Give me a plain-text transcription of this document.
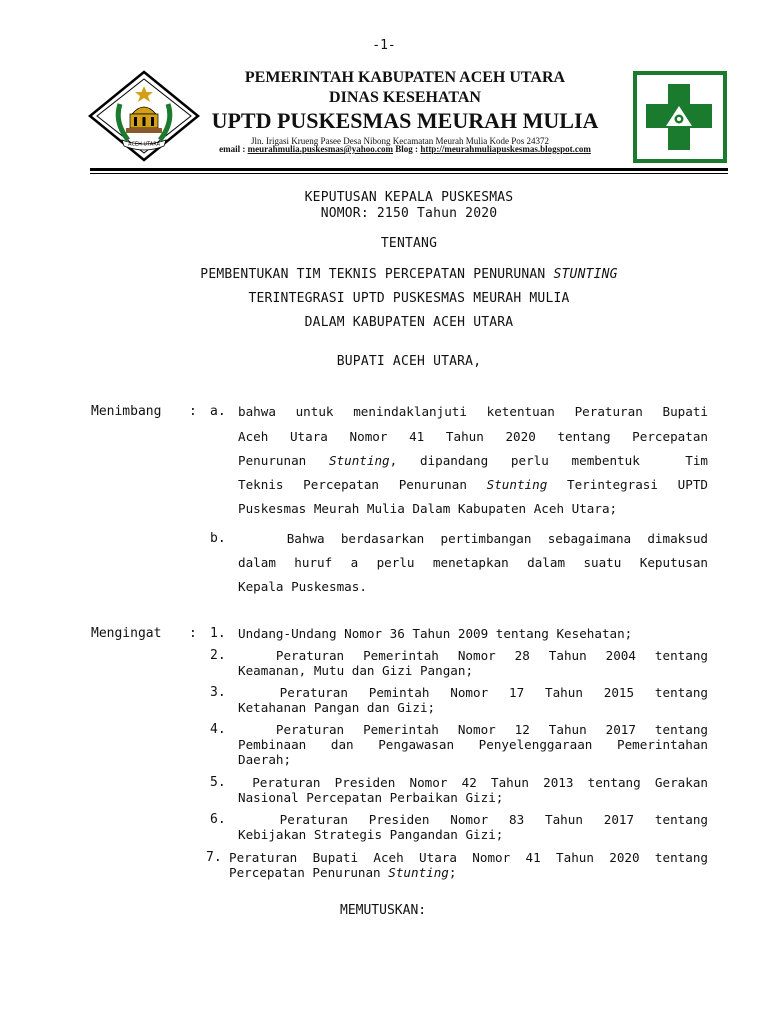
-1-
ACEH UTARA
PEMERINTAH KABUPATEN ACEH UTARA
DINAS KESEHATAN
UPTD PUSKESMAS MEURAH MULIA
Jln. Irigasi Krueng Pasee Desa Nibong Kecamatan Meurah Mulia Kode Pos 24372
email : meurahmulia.puskesmas@yahoo.com Blog : http://meurahmuliapuskesmas.blogspot.com
KEPUTUSAN KEPALA PUSKESMAS
NOMOR: 2150 Tahun 2020
TENTANG
PEMBENTUKAN TIM TEKNIS PERCEPATAN PENURUNAN STUNTING
TERINTEGRASI UPTD PUSKESMAS MEURAH MULIA
DALAM KABUPATEN ACEH UTARA
BUPATI ACEH UTARA,
Menimbang : a. bahwa untuk menindaklanjuti ketentuan Peraturan Bupati
Aceh Utara Nomor 41 Tahun 2020 tentang Percepatan
Penurunan Stunting, dipandang perlu membentuk  Tim
Teknis Percepatan Penurunan Stunting Terintegrasi UPTD
Puskesmas Meurah Mulia Dalam Kabupaten Aceh Utara;
b. Bahwa berdasarkan pertimbangan sebagaimana dimaksud
dalam huruf a perlu menetapkan dalam suatu Keputusan
Kepala Puskesmas.
Mengingat : 1. Undang-Undang Nomor 36 Tahun 2009 tentang Kesehatan;
2. Peraturan Pemerintah Nomor 28 Tahun 2004 tentang
Keamanan, Mutu dan Gizi Pangan;
3. Peraturan Pemintah Nomor 17 Tahun 2015 tentang
Ketahanan Pangan dan Gizi;
4. Peraturan Pemerintah Nomor 12 Tahun 2017 tentang
Pembinaan dan Pengawasan Penyelenggaraan Pemerintahan
Daerah;
5. Peraturan Presiden Nomor 42 Tahun 2013 tentang Gerakan
Nasional Percepatan Perbaikan Gizi;
6. Peraturan Presiden Nomor 83 Tahun 2017 tentang
Kebijakan Strategis Pangandan Gizi;
7. Peraturan Bupati Aceh Utara Nomor 41 Tahun 2020 tentang
Percepatan Penurunan Stunting;
MEMUTUSKAN:
